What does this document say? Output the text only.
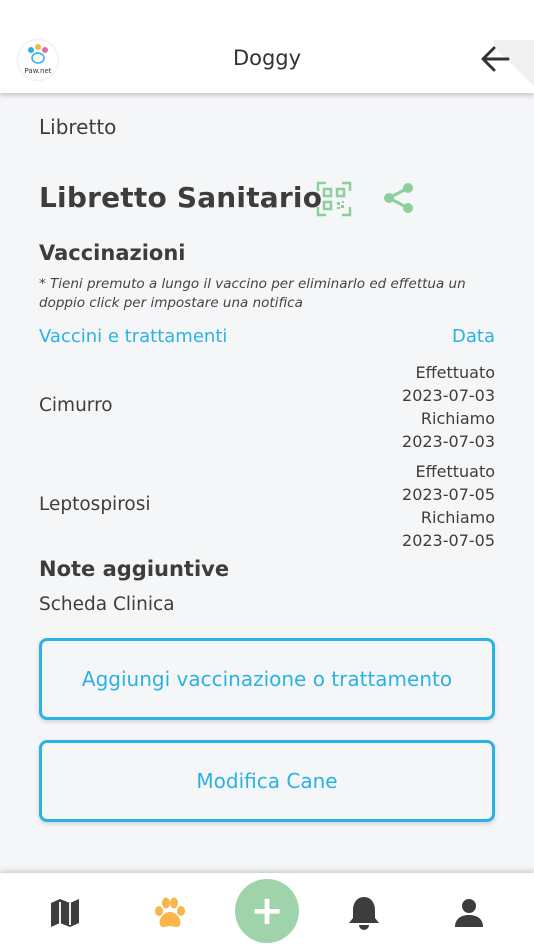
Paw.net
Doggy
Libretto
Libretto Sanitario
Vaccinazioni
* Tieni premuto a lungo il vaccino per eliminarlo ed effettua un doppio click per impostare una notifica
Vaccini e trattamenti	Data
Cimurro
Effettuato
2023-07-03
Richiamo
2023-07-03
Leptospirosi
Effettuato
2023-07-05
Richiamo
2023-07-05
Note aggiuntive
Scheda Clinica
Aggiungi vaccinazione o trattamento
Modifica Cane
+
